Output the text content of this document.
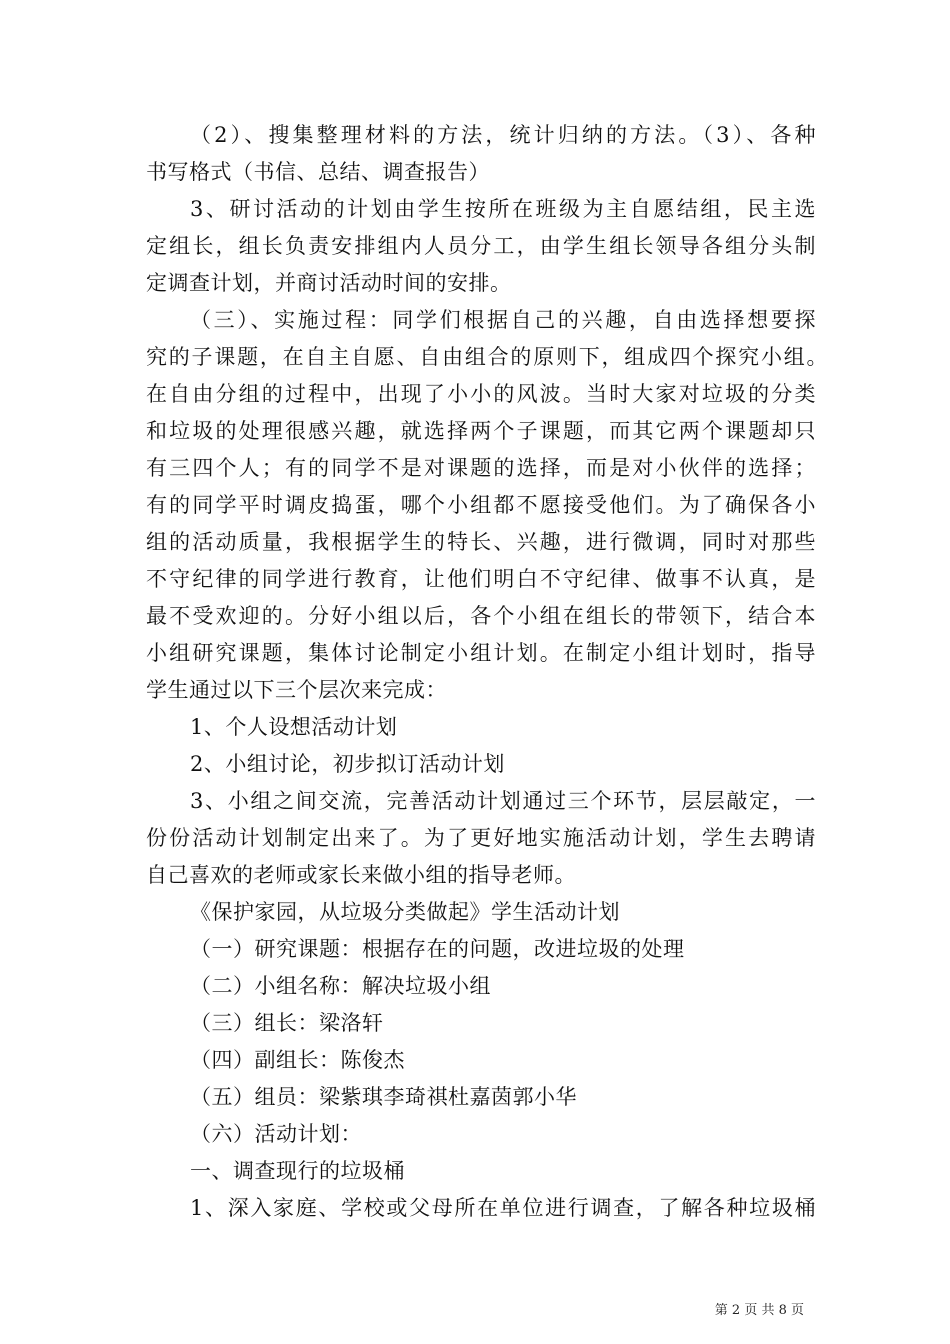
（2）、搜集整理材料的方法，统计归纳的方法。（3）、各种
书写格式（书信、总结、调查报告）
3、研讨活动的计划由学生按所在班级为主自愿结组，民主选
定组长，组长负责安排组内人员分工，由学生组长领导各组分头制
定调查计划，并商讨活动时间的安排。
（三）、实施过程：同学们根据自己的兴趣，自由选择想要探
究的子课题，在自主自愿、自由组合的原则下，组成四个探究小组。
在自由分组的过程中，出现了小小的风波。当时大家对垃圾的分类
和垃圾的处理很感兴趣，就选择两个子课题，而其它两个课题却只
有三四个人；有的同学不是对课题的选择，而是对小伙伴的选择；
有的同学平时调皮捣蛋，哪个小组都不愿接受他们。为了确保各小
组的活动质量，我根据学生的特长、兴趣，进行微调，同时对那些
不守纪律的同学进行教育，让他们明白不守纪律、做事不认真，是
最不受欢迎的。分好小组以后，各个小组在组长的带领下，结合本
小组研究课题，集体讨论制定小组计划。在制定小组计划时，指导
学生通过以下三个层次来完成：
1、个人设想活动计划
2、小组讨论，初步拟订活动计划
3、小组之间交流，完善活动计划通过三个环节，层层敲定，一
份份活动计划制定出来了。为了更好地实施活动计划，学生去聘请
自己喜欢的老师或家长来做小组的指导老师。
《保护家园，从垃圾分类做起》学生活动计划
（一）研究课题：根据存在的问题，改进垃圾的处理
（二）小组名称：解决垃圾小组
（三）组长：梁洛轩
（四）副组长：陈俊杰
（五）组员：梁紫琪李琦祺杜嘉茵郭小华
（六）活动计划：
一、调查现行的垃圾桶
1、深入家庭、学校或父母所在单位进行调查，了解各种垃圾桶
第 2 页 共 8 页
